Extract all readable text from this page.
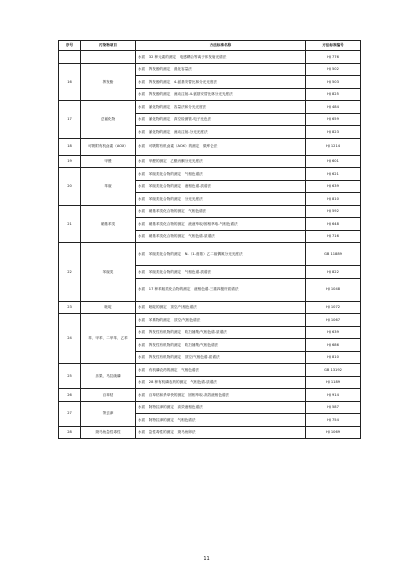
序号	污染物项目	方法标准名称	方法标准编号
		水质　32 种元素的测定　电感耦合等离子体发射光谱法	HJ 776
16	挥发酚	水质　挥发酚的测定　溴化容量法	HJ 502
		水质　挥发酚的测定　4-氨基安替比林分光光度法	HJ 503
		水质　挥发酚的测定　流动注射-4-氨基安替比林分光光度法	HJ 825
17	总氰化物	水质　氰化物的测定　容量法和分光光度法	HJ 484
		水质　氰化物的测定　真空检测管-电子比色法	HJ 659
		水质　氰化物的测定　流动注射-分光光度法	HJ 823
18	可吸附有机卤素（AOX）	水质　可吸附有机卤素（AOX）的测定　微库仑法	HJ 1214
19	甲醛	水质　甲醛的测定　乙酰丙酮分光光度法	HJ 601
20	苯胺	水质　苯胺类化合物的测定　气相色谱法	HJ 621
		水质　苯胺类化合物的测定　液相色谱-质谱法	HJ 639
		水质　苯胺类化合物的测定　分光光度法	HJ 810
21	硝基苯类	水质　硝基苯类化合物的测定　气相色谱法	HJ 592
		水质　硝基苯类化合物的测定　液液萃取/固相萃取-气相色谱法	HJ 648
		水质　硝基苯类化合物的测定　气相色谱-质谱法	HJ 716
22	苯胺类	水质　苯胺类化合物的测定　N-（1-萘基）乙二胺偶氮分光光度法	GB 11889
		水质　苯胺类化合物的测定　气相色谱-质谱法	HJ 822
		水质　17 种苯胺类化合物的测定　液相色谱-三重四极杆质谱法	HJ 1048
23	吡啶	水质　吡啶的测定　顶空/气相色谱法	HJ 1072
24	苯、甲苯、二甲苯、乙苯	水质　苯系物的测定　顶空/气相色谱法	HJ 1067
		水质　挥发性有机物的测定　吹扫捕集/气相色谱-质谱法	HJ 639
		水质　挥发性有机物的测定　吹扫捕集/气相色谱法	HJ 686
		水质　挥发性有机物的测定　顶空/气相色谱-质谱法	HJ 810
25	乐果、马拉硫磷	水质　有机磷农药的测定　气相色谱法	GB 13192
		水质　28 种有机磷农药的测定　气相色谱-质谱法	HJ 1189
26	百草枯	水质　百草枯和杀草快的测定　固相萃取-高效液相色谱法	HJ 914
27	莠去津	水质　阿特拉津的测定　高效液相色谱法	HJ 587
		水质　阿特拉津的测定　气相色谱法	HJ 754
28	斑马鱼急性毒性	水质　急性毒性的测定　斑马鱼卵法	HJ 1069
11
